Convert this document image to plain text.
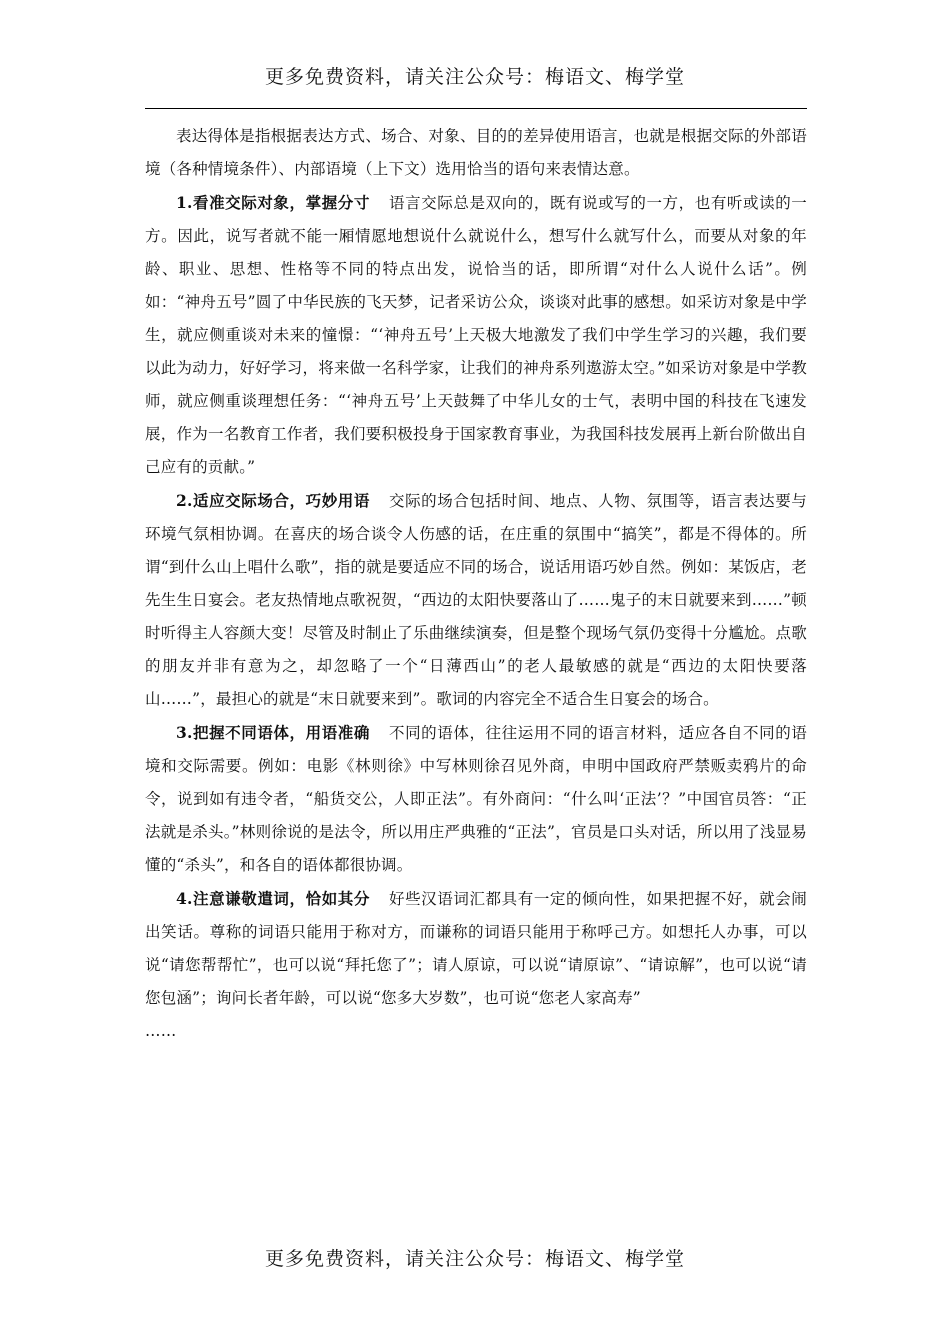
更多免费资料，请关注公众号：梅语文、梅学堂

表达得体是指根据表达方式、场合、对象、目的的差异使用语言，也就是根据交际的外部语境（各种情境条件）、内部语境（上下文）选用恰当的语句来表情达意。

1.看准交际对象，掌握分寸 语言交际总是双向的，既有说或写的一方，也有听或读的一方。因此，说写者就不能一厢情愿地想说什么就说什么，想写什么就写什么，而要从对象的年龄、职业、思想、性格等不同的特点出发，说恰当的话，即所谓“对什么人说什么话”。例如：“神舟五号”圆了中华民族的飞天梦，记者采访公众，谈谈对此事的感想。如采访对象是中学生，就应侧重谈对未来的憧憬：“‘神舟五号’上天极大地激发了我们中学生学习的兴趣，我们要以此为动力，好好学习，将来做一名科学家，让我们的神舟系列遨游太空。”如采访对象是中学教师，就应侧重谈理想任务：“‘神舟五号’上天鼓舞了中华儿女的士气，表明中国的科技在飞速发展，作为一名教育工作者，我们要积极投身于国家教育事业，为我国科技发展再上新台阶做出自己应有的贡献。”

2.适应交际场合，巧妙用语 交际的场合包括时间、地点、人物、氛围等，语言表达要与环境气氛相协调。在喜庆的场合谈令人伤感的话，在庄重的氛围中“搞笑”，都是不得体的。所谓“到什么山上唱什么歌”，指的就是要适应不同的场合，说话用语巧妙自然。例如：某饭店，老先生生日宴会。老友热情地点歌祝贺，“西边的太阳快要落山了……鬼子的末日就要来到……”顿时听得主人容颜大变！尽管及时制止了乐曲继续演奏，但是整个现场气氛仍变得十分尴尬。点歌的朋友并非有意为之，却忽略了一个“日薄西山”的老人最敏感的就是“西边的太阳快要落山……”，最担心的就是“末日就要来到”。歌词的内容完全不适合生日宴会的场合。

3.把握不同语体，用语准确 不同的语体，往往运用不同的语言材料，适应各自不同的语境和交际需要。例如：电影《林则徐》中写林则徐召见外商，申明中国政府严禁贩卖鸦片的命令，说到如有违令者，“船货交公，人即正法”。有外商问：“什么叫‘正法’？”中国官员答：“正法就是杀头。”林则徐说的是法令，所以用庄严典雅的“正法”，官员是口头对话，所以用了浅显易懂的“杀头”，和各自的语体都很协调。

4.注意谦敬遣词，恰如其分 好些汉语词汇都具有一定的倾向性，如果把握不好，就会闹出笑话。尊称的词语只能用于称对方，而谦称的词语只能用于称呼己方。如想托人办事，可以说“请您帮帮忙”，也可以说“拜托您了”；请人原谅，可以说“请原谅”、“请谅解”，也可以说“请您包涵”；询问长者年龄，可以说“您多大岁数”，也可说“您老人家高寿”

……

更多免费资料，请关注公众号：梅语文、梅学堂
